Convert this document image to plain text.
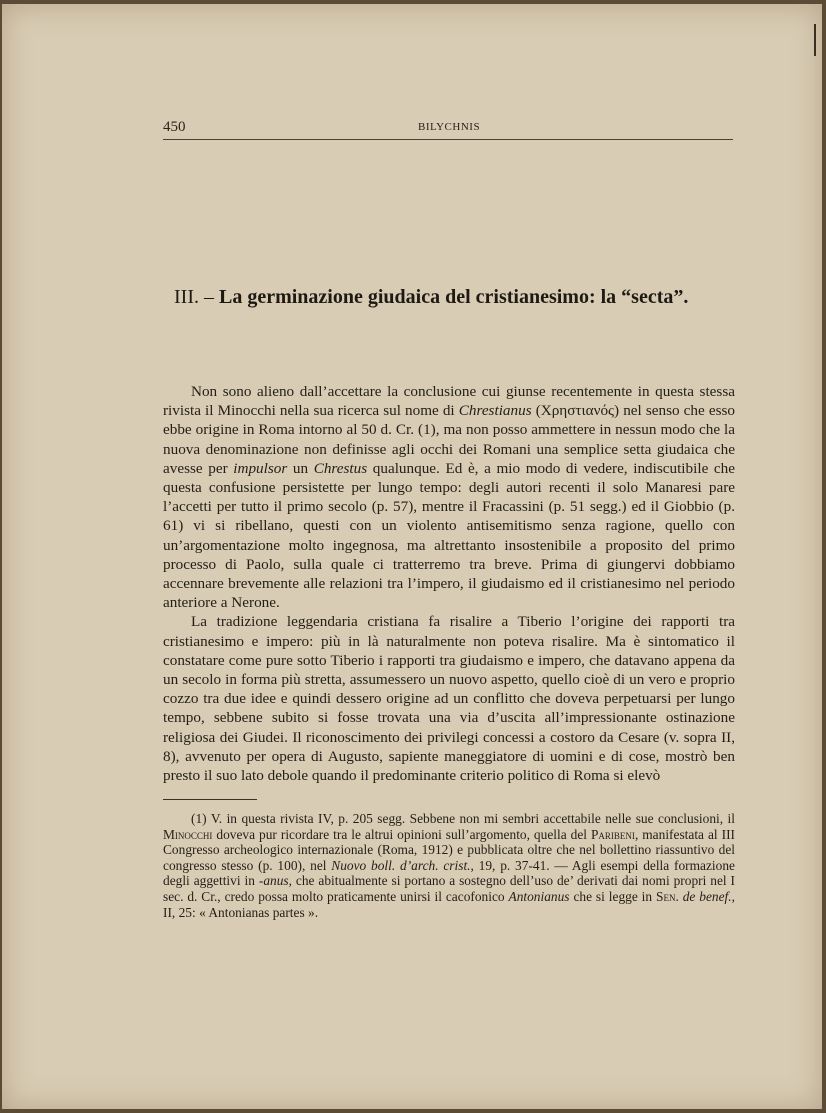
450	BILYCHNIS
III. – La germinazione giudaica del cristianesimo: la “secta”.

Non sono alieno dall’accettare la conclusione cui giunse recentemente in questa stessa rivista il Minocchi nella sua ricerca sul nome di Chrestianus (Χρηστιανός) nel senso che esso ebbe origine in Roma intorno al 50 d. Cr. (1), ma non posso ammettere in nessun modo che la nuova denominazione non definisse agli occhi dei Romani una semplice setta giudaica che avesse per impulsor un Chrestus qualunque. Ed è, a mio modo di vedere, indiscutibile che questa confusione persistette per lungo tempo: degli autori recenti il solo Manaresi pare l’accetti per tutto il primo secolo (p. 57), mentre il Fracassini (p. 51 segg.) ed il Giobbio (p. 61) vi si ribellano, questi con un violento antisemitismo senza ragione, quello con un’argomentazione molto ingegnosa, ma altrettanto insostenibile a proposito del primo processo di Paolo, sulla quale ci tratterremo tra breve. Prima di giungervi dobbiamo accennare brevemente alle relazioni tra l’impero, il giudaismo ed il cristianesimo nel periodo anteriore a Nerone.

La tradizione leggendaria cristiana fa risalire a Tiberio l’origine dei rapporti tra cristianesimo e impero: più in là naturalmente non poteva risalire. Ma è sintomatico il constatare come pure sotto Tiberio i rapporti tra giudaismo e impero, che datavano appena da un secolo in forma più stretta, assumessero un nuovo aspetto, quello cioè di un vero e proprio cozzo tra due idee e quindi dessero origine ad un conflitto che doveva perpetuarsi per lungo tempo, sebbene subito si fosse trovata una via d’uscita all’impressionante ostinazione religiosa dei Giudei. Il riconoscimento dei privilegi concessi a costoro da Cesare (v. sopra II, 8), avvenuto per opera di Augusto, sapiente maneggiatore di uomini e di cose, mostrò ben presto il suo lato debole quando il predominante criterio politico di Roma si elevò

(1) V. in questa rivista IV, p. 205 segg. Sebbene non mi sembri accettabile nelle sue conclusioni, il Minocchi doveva pur ricordare tra le altrui opinioni sull’argomento, quella del Paribeni, manifestata al III Congresso archeologico internazionale (Roma, 1912) e pubblicata oltre che nel bollettino riassuntivo del congresso stesso (p. 100), nel Nuovo boll. d’arch. crist., 19, p. 37-41. — Agli esempi della formazione degli aggettivi in -anus, che abitualmente si portano a sostegno dell’uso de’ derivati dai nomi propri nel I sec. d. Cr., credo possa molto praticamente unirsi il cacofonico Antonianus che si legge in Sen. de benef., II, 25: « Antonianas partes ».
